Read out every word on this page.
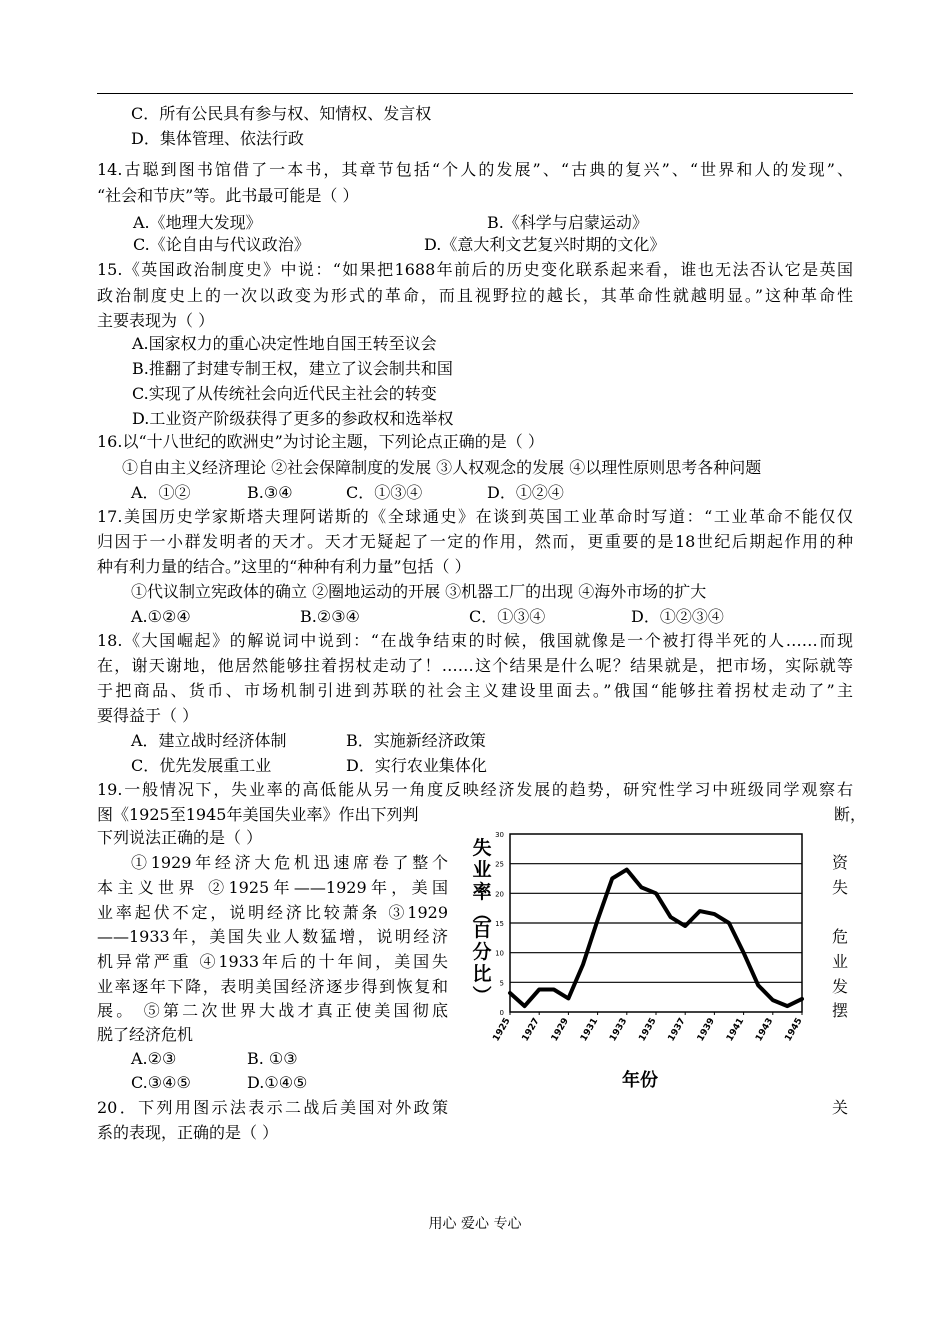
C．所有公民具有参与权、知情权、发言权
D．集体管理、依法行政
14.古聪到图书馆借了一本书，其章节包括“个人的发展”、“古典的复兴”、“世界和人的发现”、
“社会和节庆”等。此书最可能是（ ）
A.《地理大发现》	B.《科学与启蒙运动》
C.《论自由与代议政治》	D.《意大利文艺复兴时期的文化》
15.《英国政治制度史》中说：“如果把1688年前后的历史变化联系起来看，谁也无法否认它是英国
政治制度史上的一次以政变为形式的革命，而且视野拉的越长，其革命性就越明显。”这种革命性
主要表现为（ ）
A.国家权力的重心决定性地自国王转至议会
B.推翻了封建专制王权，建立了议会制共和国
C.实现了从传统社会向近代民主社会的转变
D.工业资产阶级获得了更多的参政权和选举权
16.以“十八世纪的欧洲史”为讨论主题，下列论点正确的是（ ）
①自由主义经济理论 ②社会保障制度的发展 ③人权观念的发展 ④以理性原则思考各种问题
A．①②	B.③④	C．①③④	D．①②④
17.美国历史学家斯塔夫理阿诺斯的《全球通史》在谈到英国工业革命时写道：“工业革命不能仅仅
归因于一小群发明者的天才。天才无疑起了一定的作用，然而，更重要的是18世纪后期起作用的种
种有利力量的结合。”这里的“种种有利力量”包括（ ）
①代议制立宪政体的确立 ②圈地运动的开展 ③机器工厂的出现 ④海外市场的扩大
A.①②④	B.②③④	C．①③④	D．①②③④
18.《大国崛起》的解说词中说到：“在战争结束的时候，俄国就像是一个被打得半死的人……而现
在，谢天谢地，他居然能够拄着拐杖走动了！……这个结果是什么呢？结果就是，把市场，实际就等
于把商品、货币、市场机制引进到苏联的社会主义建设里面去。”俄国“能够拄着拐杖走动了”主
要得益于（ ）
A．建立战时经济体制	B．实施新经济政策
C．优先发展重工业	D．实行农业集体化
19.一般情况下，失业率的高低能从另一角度反映经济发展的趋势，研究性学习中班级同学观察右
图《1925至1945年美国失业率》作出下列判	断，
下列说法正确的是（ ）
①1929年经济大危机迅速席卷了整个
本主义世界 ②1925年——1929年，美国
业率起伏不定，说明经济比较萧条 ③1929
——1933年，美国失业人数猛增，说明经济
机异常严重 ④1933年后的十年间，美国失
业率逐年下降，表明美国经济逐步得到恢复和
展。 ⑤第二次世界大战才真正使美国彻底
脱了经济危机
资
失
危
业
发
摆
A.②③	B. ①③
C.③④⑤	D.①④⑤
20．下列用图示法表示二战后美国对外政策	关
系的表现，正确的是（ ）
0
5
10
15
20
25
30
1925 1927 1929 1931 1933 1935 1937 1939 1941 1943 1945
失
业
率
（
百
分
比
）
年份
用心 爱心 专心
